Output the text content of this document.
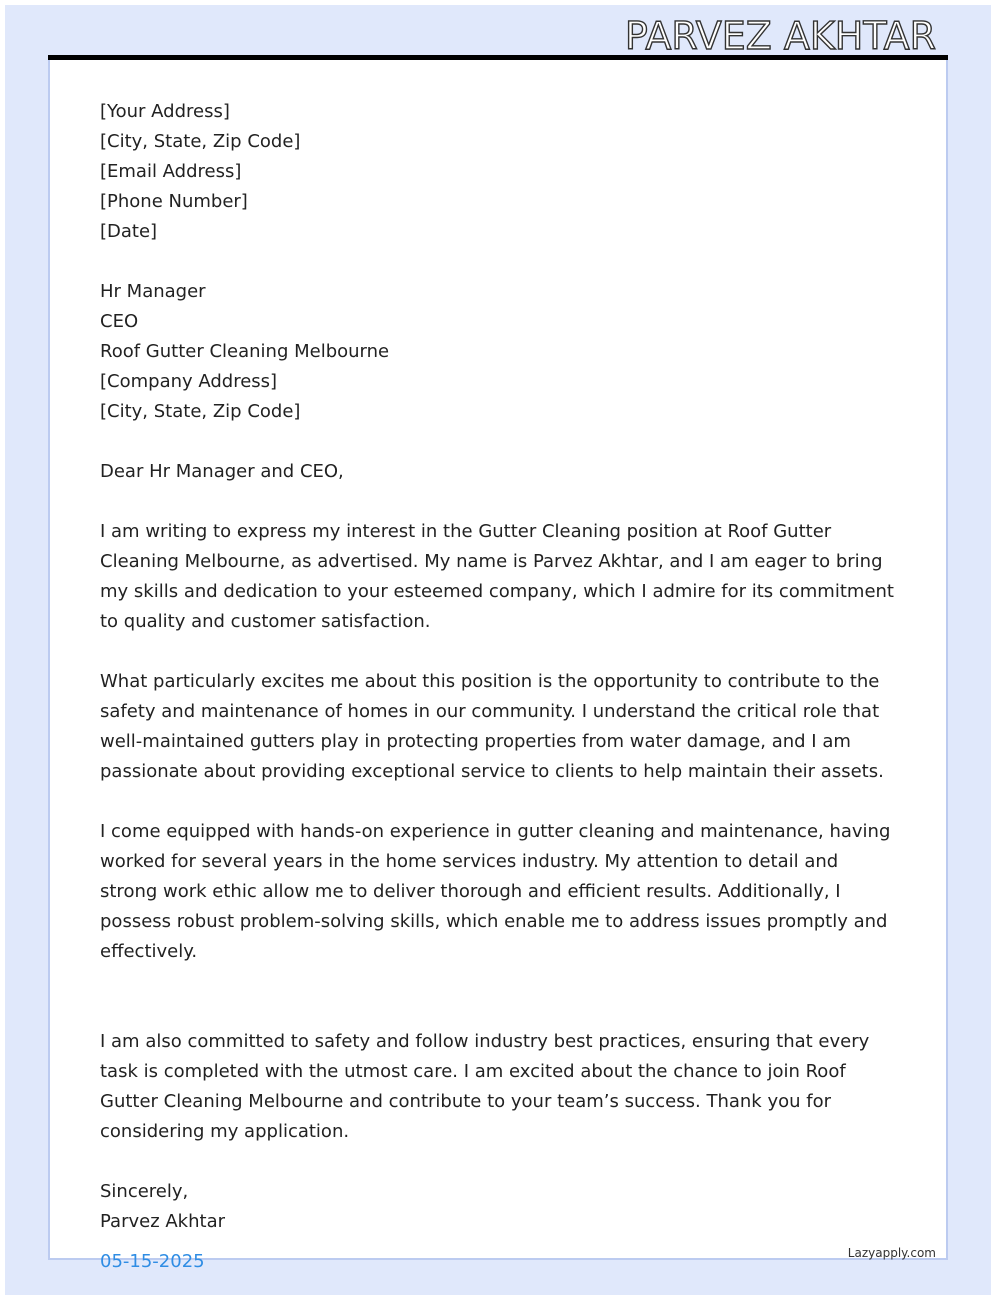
PARVEZ AKHTAR
[Your Address]
[City, State, Zip Code]
[Email Address]
[Phone Number]
[Date]
Hr Manager
CEO
Roof Gutter Cleaning Melbourne
[Company Address]
[City, State, Zip Code]
Dear Hr Manager and CEO,

I am writing to express my interest in the Gutter Cleaning position at Roof Gutter Cleaning Melbourne, as advertised. My name is Parvez Akhtar, and I am eager to bring my skills and dedication to your esteemed company, which I admire for its commitment to quality and customer satisfaction.

What particularly excites me about this position is the opportunity to contribute to the safety and maintenance of homes in our community. I understand the critical role that well-maintained gutters play in protecting properties from water damage, and I am passionate about providing exceptional service to clients to help maintain their assets.

I come equipped with hands-on experience in gutter cleaning and maintenance, having worked for several years in the home services industry. My attention to detail and strong work ethic allow me to deliver thorough and efficient results. Additionally, I possess robust problem-solving skills, which enable me to address issues promptly and effectively.

I am also committed to safety and follow industry best practices, ensuring that every task is completed with the utmost care. I am excited about the chance to join Roof Gutter Cleaning Melbourne and contribute to your team’s success. Thank you for considering my application.

Sincerely,
Parvez Akhtar
05-15-2025	Lazyapply.com
